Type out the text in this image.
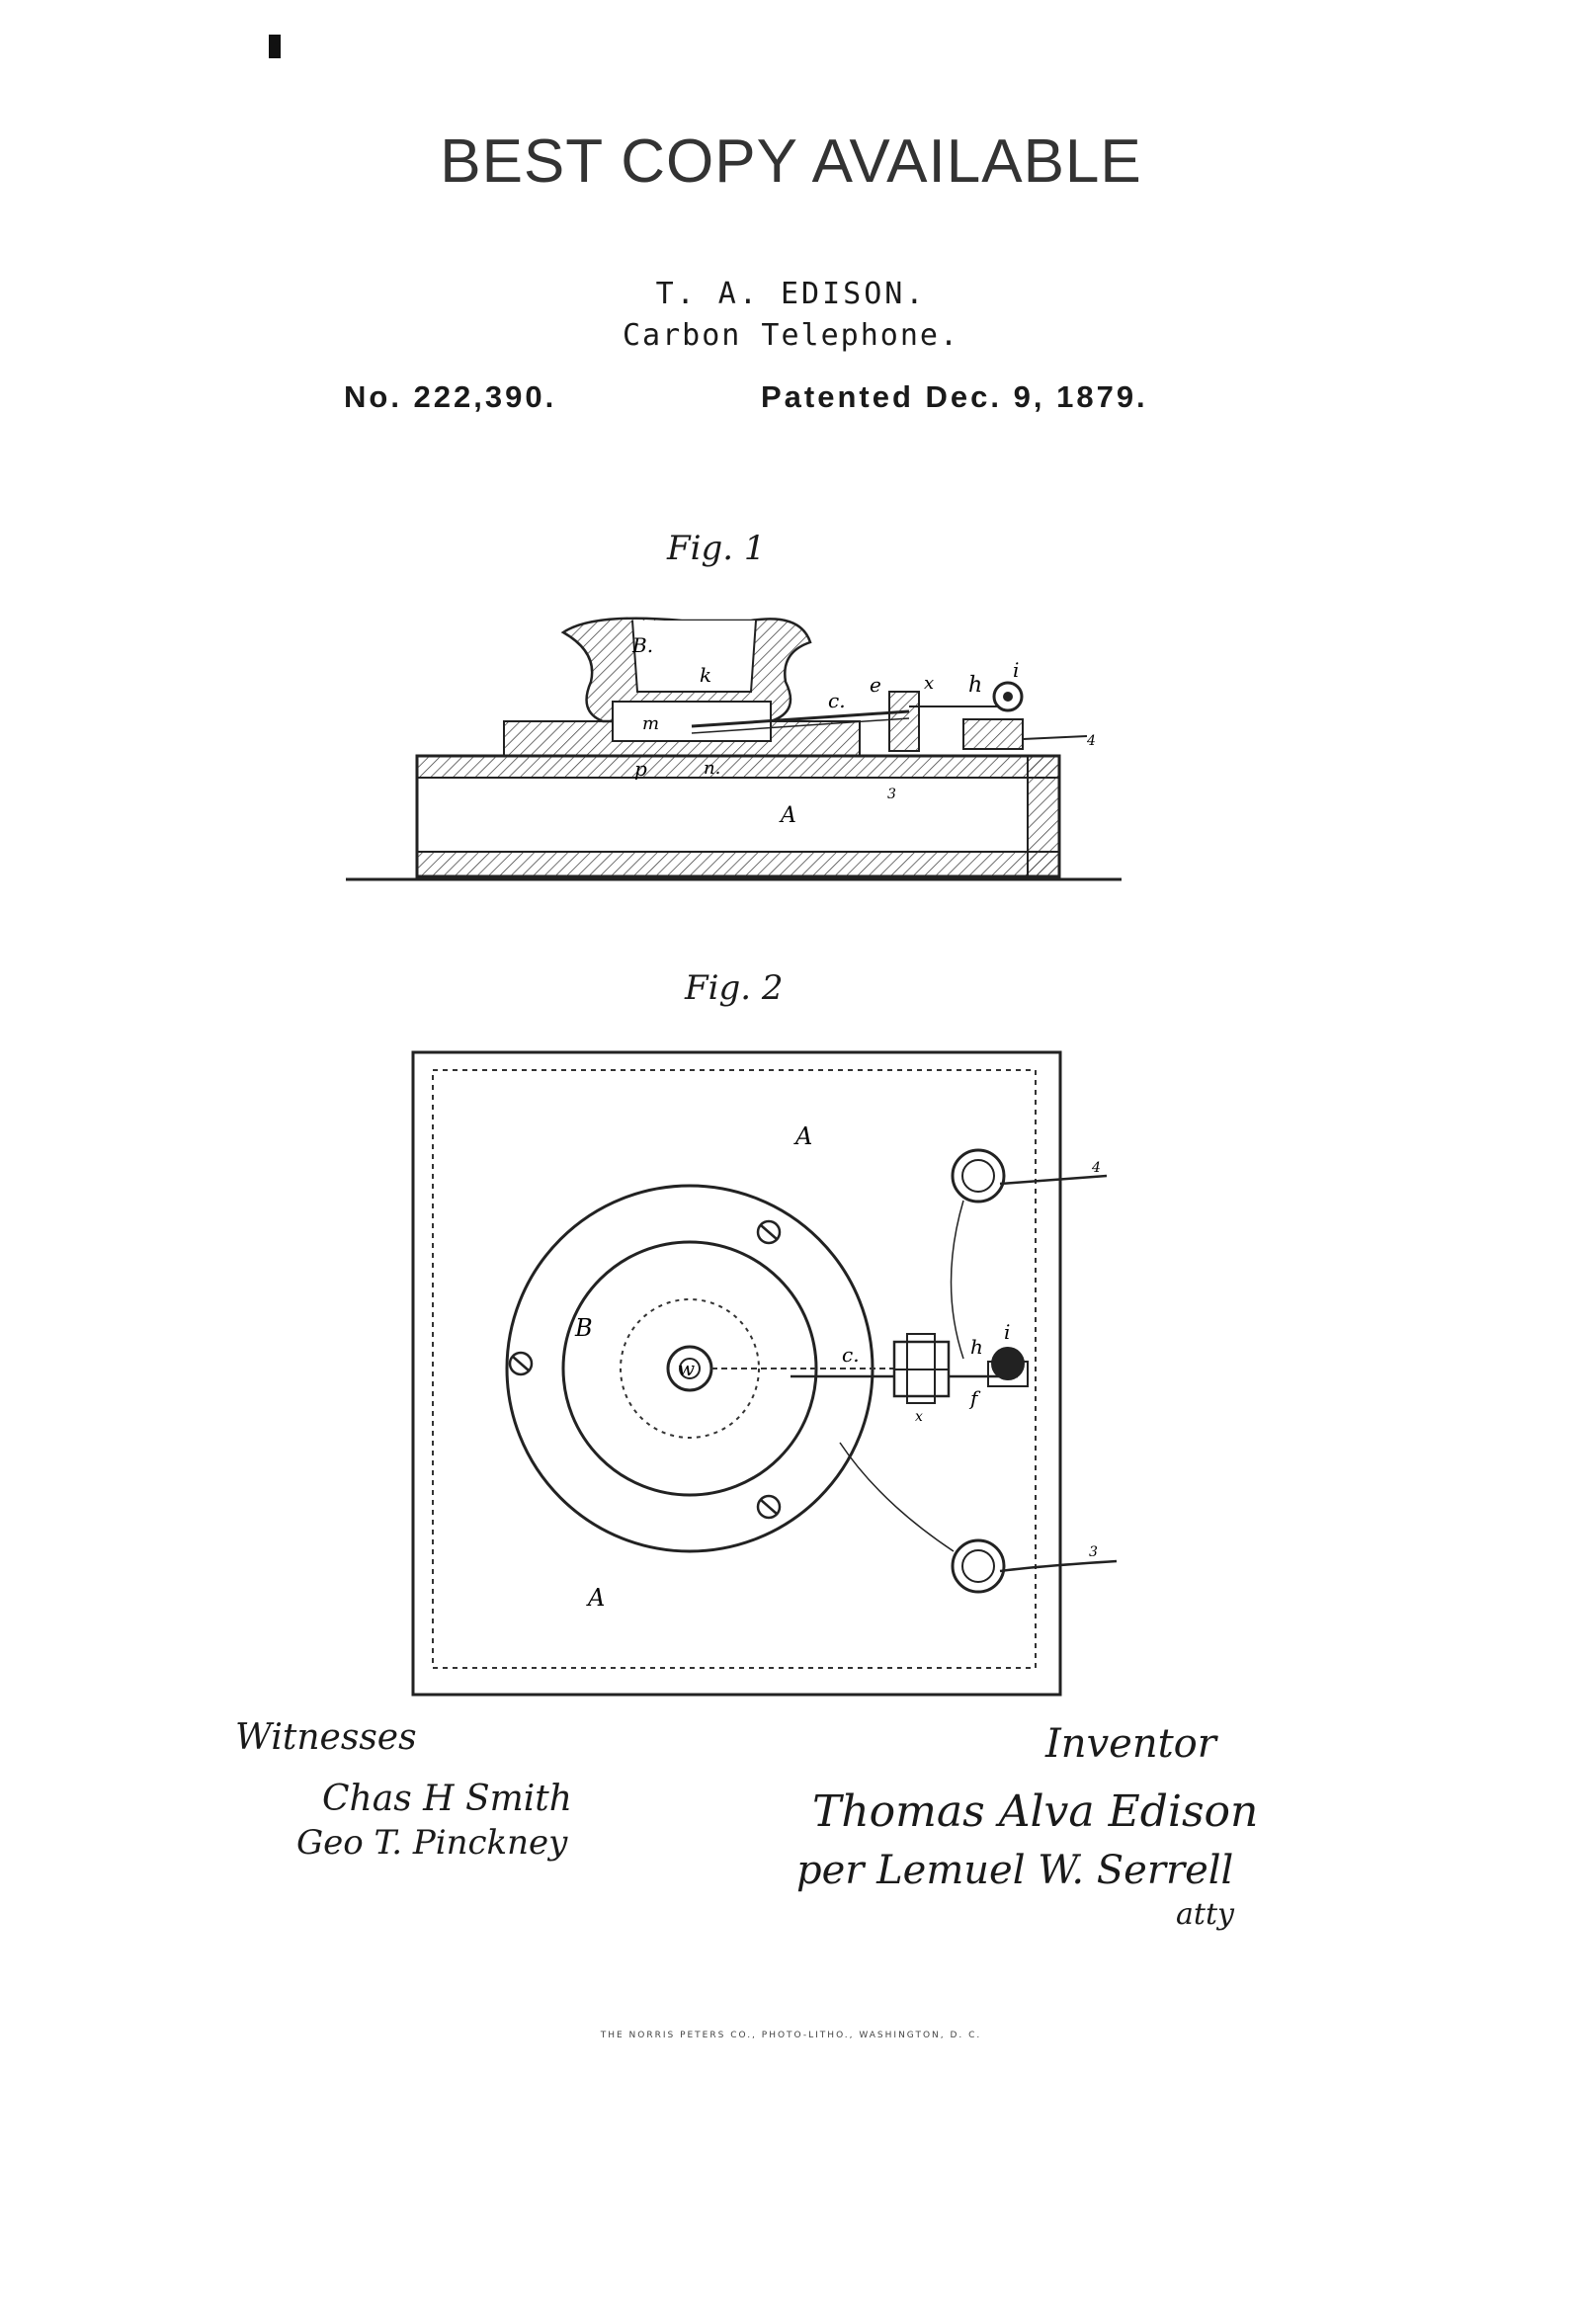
BEST COPY AVAILABLE
T. A. EDISON.
Carbon Telephone.
No. 222,390.	Patented Dec. 9, 1879.
Fig. 1
B.
k
m
c.
e x h
i
p	n.
A
3
4
A
A
B
w
c.	h
i
f
x
4
3
Fig. 2
Witnesses
Chas H Smith
Geo T. Pinckney
Inventor
Thomas Alva Edison
per Lemuel W. Serrell
atty
THE NORRIS PETERS CO., PHOTO-LITHO., WASHINGTON, D. C.
